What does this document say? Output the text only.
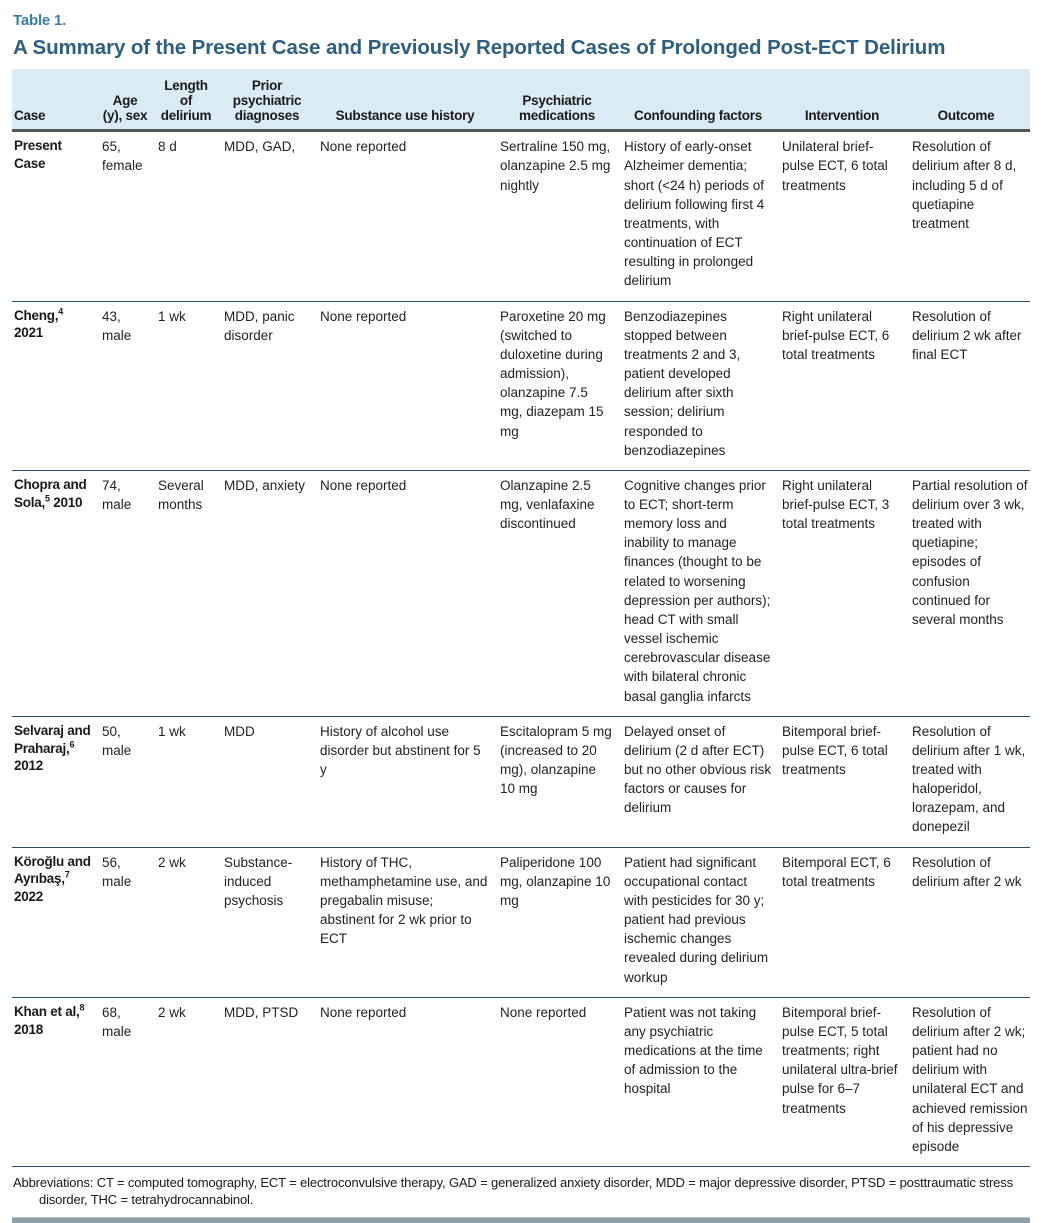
Table 1.
A Summary of the Present Case and Previously Reported Cases of Prolonged Post-ECT Delirium
Case	Age (y), sex	Length of delirium	Prior psychiatric diagnoses	Substance use history	Psychiatric medications	Confounding factors	Intervention	Outcome
Present Case	65, female	8 d	MDD, GAD,	None reported	Sertraline 150 mg, olanzapine 2.5 mg nightly	History of early-onset Alzheimer dementia; short (<24 h) periods of delirium following first 4 treatments, with continuation of ECT resulting in prolonged delirium	Unilateral brief-pulse ECT, 6 total treatments	Resolution of delirium after 8 d, including 5 d of quetiapine treatment
Cheng,$^4$ 2021	43, male	1 wk	MDD, panic disorder	None reported	Paroxetine 20 mg (switched to duloxetine during admission), olanzapine 7.5 mg, diazepam 15 mg	Benzodiazepines stopped between treatments 2 and 3, patient developed delirium after sixth session; delirium responded to benzodiazepines	Right unilateral brief-pulse ECT, 6 total treatments	Resolution of delirium 2 wk after final ECT
Chopra and Sola,$^5$ 2010	74, male	Several months	MDD, anxiety	None reported	Olanzapine 2.5 mg, venlafaxine discontinued	Cognitive changes prior to ECT; short-term memory loss and inability to manage finances (thought to be related to worsening depression per authors); head CT with small vessel ischemic cerebrovascular disease with bilateral chronic basal ganglia infarcts	Right unilateral brief-pulse ECT, 3 total treatments	Partial resolution of delirium over 3 wk, treated with quetiapine; episodes of confusion continued for several months
Selvaraj and Praharaj,$^6$ 2012	50, male	1 wk	MDD	History of alcohol use disorder but abstinent for 5 y	Escitalopram 5 mg (increased to 20 mg), olanzapine 10 mg	Delayed onset of delirium (2 d after ECT) but no other obvious risk factors or causes for delirium	Bitemporal brief-pulse ECT, 6 total treatments	Resolution of delirium after 1 wk, treated with haloperidol, lorazepam, and donepezil
Köroğlu and Ayrıbaş,$^7$ 2022	56, male	2 wk	Substance-induced psychosis	History of THC, methamphetamine use, and pregabalin misuse; abstinent for 2 wk prior to ECT	Paliperidone 100 mg, olanzapine 10 mg	Patient had significant occupational contact with pesticides for 30 y; patient had previous ischemic changes revealed during delirium workup	Bitemporal ECT, 6 total treatments	Resolution of delirium after 2 wk
Khan et al,$^8$ 2018	68, male	2 wk	MDD, PTSD	None reported	None reported	Patient was not taking any psychiatric medications at the time of admission to the hospital	Bitemporal brief-pulse ECT, 5 total treatments; right unilateral ultra-brief pulse for 6–7 treatments	Resolution of delirium after 2 wk; patient had no delirium with unilateral ECT and achieved remission of his depressive episode
Abbreviations: CT = computed tomography, ECT = electroconvulsive therapy, GAD = generalized anxiety disorder, MDD = major depressive disorder, PTSD = posttraumatic stress disorder, THC = tetrahydrocannabinol.
